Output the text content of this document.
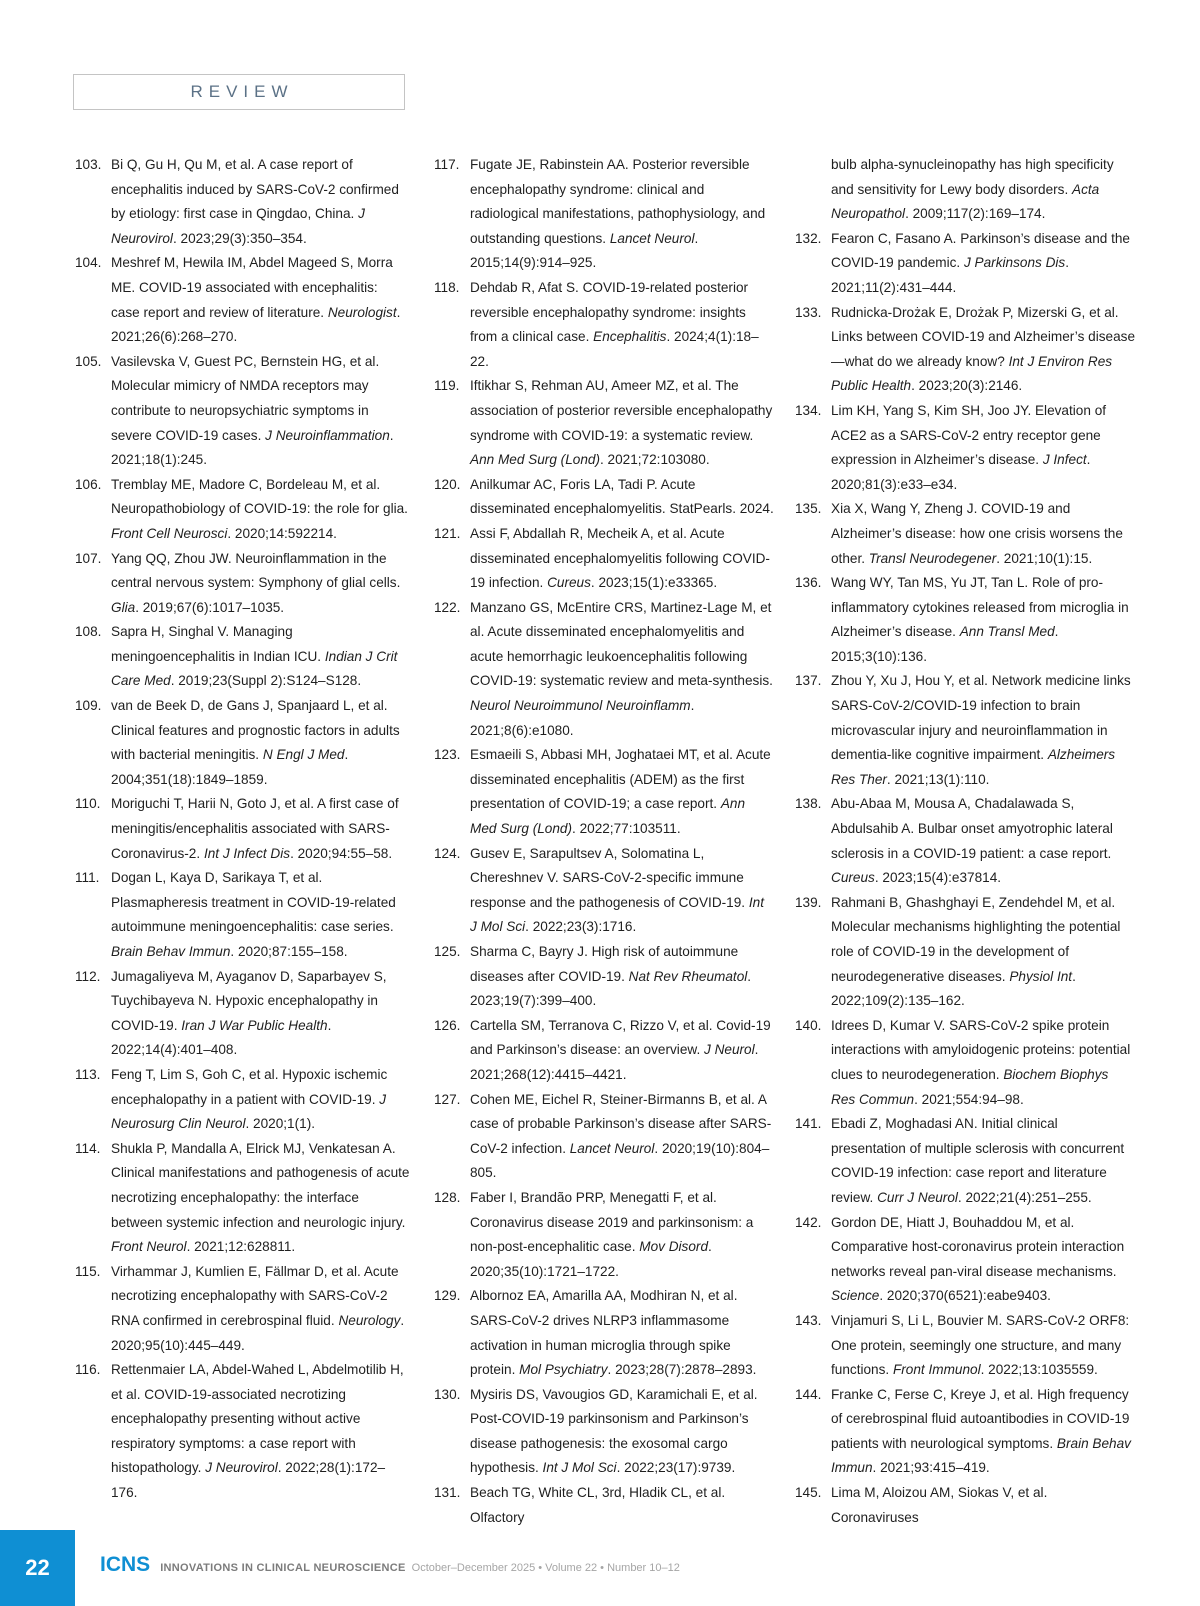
REVIEW

103. Bi Q, Gu H, Qu M, et al. A case report of encephalitis induced by SARS-CoV-2 confirmed by etiology: first case in Qingdao, China. J Neurovirol. 2023;29(3):350–354.

104. Meshref M, Hewila IM, Abdel Mageed S, Morra ME. COVID-19 associated with encephalitis: case report and review of literature. Neurologist. 2021;26(6):268–270.

105. Vasilevska V, Guest PC, Bernstein HG, et al. Molecular mimicry of NMDA receptors may contribute to neuropsychiatric symptoms in severe COVID-19 cases. J Neuroinflammation. 2021;18(1):245.

106. Tremblay ME, Madore C, Bordeleau M, et al. Neuropathobiology of COVID-19: the role for glia. Front Cell Neurosci. 2020;14:592214.

107. Yang QQ, Zhou JW. Neuroinflammation in the central nervous system: Symphony of glial cells. Glia. 2019;67(6):1017–1035.

108. Sapra H, Singhal V. Managing meningoencephalitis in Indian ICU. Indian J Crit Care Med. 2019;23(Suppl 2):S124–S128.

109. van de Beek D, de Gans J, Spanjaard L, et al. Clinical features and prognostic factors in adults with bacterial meningitis. N Engl J Med. 2004;351(18):1849–1859.

110. Moriguchi T, Harii N, Goto J, et al. A first case of meningitis/encephalitis associated with SARS-Coronavirus-2. Int J Infect Dis. 2020;94:55–58.

111. Dogan L, Kaya D, Sarikaya T, et al. Plasmapheresis treatment in COVID-19-related autoimmune meningoencephalitis: case series. Brain Behav Immun. 2020;87:155–158.

112. Jumagaliyeva M, Ayaganov D, Saparbayev S, Tuychibayeva N. Hypoxic encephalopathy in COVID-19. Iran J War Public Health. 2022;14(4):401–408.

113. Feng T, Lim S, Goh C, et al. Hypoxic ischemic encephalopathy in a patient with COVID-19. J Neurosurg Clin Neurol. 2020;1(1).

114. Shukla P, Mandalla A, Elrick MJ, Venkatesan A. Clinical manifestations and pathogenesis of acute necrotizing encephalopathy: the interface between systemic infection and neurologic injury. Front Neurol. 2021;12:628811.

115. Virhammar J, Kumlien E, Fällmar D, et al. Acute necrotizing encephalopathy with SARS-CoV-2 RNA confirmed in cerebrospinal fluid. Neurology. 2020;95(10):445–449.

116. Rettenmaier LA, Abdel-Wahed L, Abdelmotilib H, et al. COVID-19-associated necrotizing encephalopathy presenting without active respiratory symptoms: a case report with histopathology. J Neurovirol. 2022;28(1):172–176.

117. Fugate JE, Rabinstein AA. Posterior reversible encephalopathy syndrome: clinical and radiological manifestations, pathophysiology, and outstanding questions. Lancet Neurol. 2015;14(9):914–925.

118. Dehdab R, Afat S. COVID-19-related posterior reversible encephalopathy syndrome: insights from a clinical case. Encephalitis. 2024;4(1):18–22.

119. Iftikhar S, Rehman AU, Ameer MZ, et al. The association of posterior reversible encephalopathy syndrome with COVID-19: a systematic review. Ann Med Surg (Lond). 2021;72:103080.

120. Anilkumar AC, Foris LA, Tadi P. Acute disseminated encephalomyelitis. StatPearls. 2024.

121. Assi F, Abdallah R, Mecheik A, et al. Acute disseminated encephalomyelitis following COVID-19 infection. Cureus. 2023;15(1):e33365.

122. Manzano GS, McEntire CRS, Martinez-Lage M, et al. Acute disseminated encephalomyelitis and acute hemorrhagic leukoencephalitis following COVID-19: systematic review and meta-synthesis. Neurol Neuroimmunol Neuroinflamm. 2021;8(6):e1080.

123. Esmaeili S, Abbasi MH, Joghataei MT, et al. Acute disseminated encephalitis (ADEM) as the first presentation of COVID-19; a case report. Ann Med Surg (Lond). 2022;77:103511.

124. Gusev E, Sarapultsev A, Solomatina L, Chereshnev V. SARS-CoV-2-specific immune response and the pathogenesis of COVID-19. Int J Mol Sci. 2022;23(3):1716.

125. Sharma C, Bayry J. High risk of autoimmune diseases after COVID-19. Nat Rev Rheumatol. 2023;19(7):399–400.

126. Cartella SM, Terranova C, Rizzo V, et al. Covid-19 and Parkinson’s disease: an overview. J Neurol. 2021;268(12):4415–4421.

127. Cohen ME, Eichel R, Steiner-Birmanns B, et al. A case of probable Parkinson’s disease after SARS-CoV-2 infection. Lancet Neurol. 2020;19(10):804–805.

128. Faber I, Brandão PRP, Menegatti F, et al. Coronavirus disease 2019 and parkinsonism: a non-post-encephalitic case. Mov Disord. 2020;35(10):1721–1722.

129. Albornoz EA, Amarilla AA, Modhiran N, et al. SARS-CoV-2 drives NLRP3 inflammasome activation in human microglia through spike protein. Mol Psychiatry. 2023;28(7):2878–2893.

130. Mysiris DS, Vavougios GD, Karamichali E, et al. Post-COVID-19 parkinsonism and Parkinson’s disease pathogenesis: the exosomal cargo hypothesis. Int J Mol Sci. 2022;23(17):9739.

131. Beach TG, White CL, 3rd, Hladik CL, et al. Olfactory

bulb alpha-synucleinopathy has high specificity and sensitivity for Lewy body disorders. Acta Neuropathol. 2009;117(2):169–174.

132. Fearon C, Fasano A. Parkinson’s disease and the COVID-19 pandemic. J Parkinsons Dis. 2021;11(2):431–444.

133. Rudnicka-Drożak E, Drożak P, Mizerski G, et al. Links between COVID-19 and Alzheimer’s disease—what do we already know? Int J Environ Res Public Health. 2023;20(3):2146.

134. Lim KH, Yang S, Kim SH, Joo JY. Elevation of ACE2 as a SARS-CoV-2 entry receptor gene expression in Alzheimer’s disease. J Infect. 2020;81(3):e33–e34.

135. Xia X, Wang Y, Zheng J. COVID-19 and Alzheimer’s disease: how one crisis worsens the other. Transl Neurodegener. 2021;10(1):15.

136. Wang WY, Tan MS, Yu JT, Tan L. Role of pro-inflammatory cytokines released from microglia in Alzheimer’s disease. Ann Transl Med. 2015;3(10):136.

137. Zhou Y, Xu J, Hou Y, et al. Network medicine links SARS-CoV-2/COVID-19 infection to brain microvascular injury and neuroinflammation in dementia-like cognitive impairment. Alzheimers Res Ther. 2021;13(1):110.

138. Abu-Abaa M, Mousa A, Chadalawada S, Abdulsahib A. Bulbar onset amyotrophic lateral sclerosis in a COVID-19 patient: a case report. Cureus. 2023;15(4):e37814.

139. Rahmani B, Ghashghayi E, Zendehdel M, et al. Molecular mechanisms highlighting the potential role of COVID-19 in the development of neurodegenerative diseases. Physiol Int. 2022;109(2):135–162.

140. Idrees D, Kumar V. SARS-CoV-2 spike protein interactions with amyloidogenic proteins: potential clues to neurodegeneration. Biochem Biophys Res Commun. 2021;554:94–98.

141. Ebadi Z, Moghadasi AN. Initial clinical presentation of multiple sclerosis with concurrent COVID-19 infection: case report and literature review. Curr J Neurol. 2022;21(4):251–255.

142. Gordon DE, Hiatt J, Bouhaddou M, et al. Comparative host-coronavirus protein interaction networks reveal pan-viral disease mechanisms. Science. 2020;370(6521):eabe9403.

143. Vinjamuri S, Li L, Bouvier M. SARS-CoV-2 ORF8: One protein, seemingly one structure, and many functions. Front Immunol. 2022;13:1035559.

144. Franke C, Ferse C, Kreye J, et al. High frequency of cerebrospinal fluid autoantibodies in COVID-19 patients with neurological symptoms. Brain Behav Immun. 2021;93:415–419.

145. Lima M, Aloizou AM, Siokas V, et al. Coronaviruses

22 ICNS INNOVATIONS IN CLINICAL NEUROSCIENCE October–December 2025 • Volume 22 • Number 10–12
